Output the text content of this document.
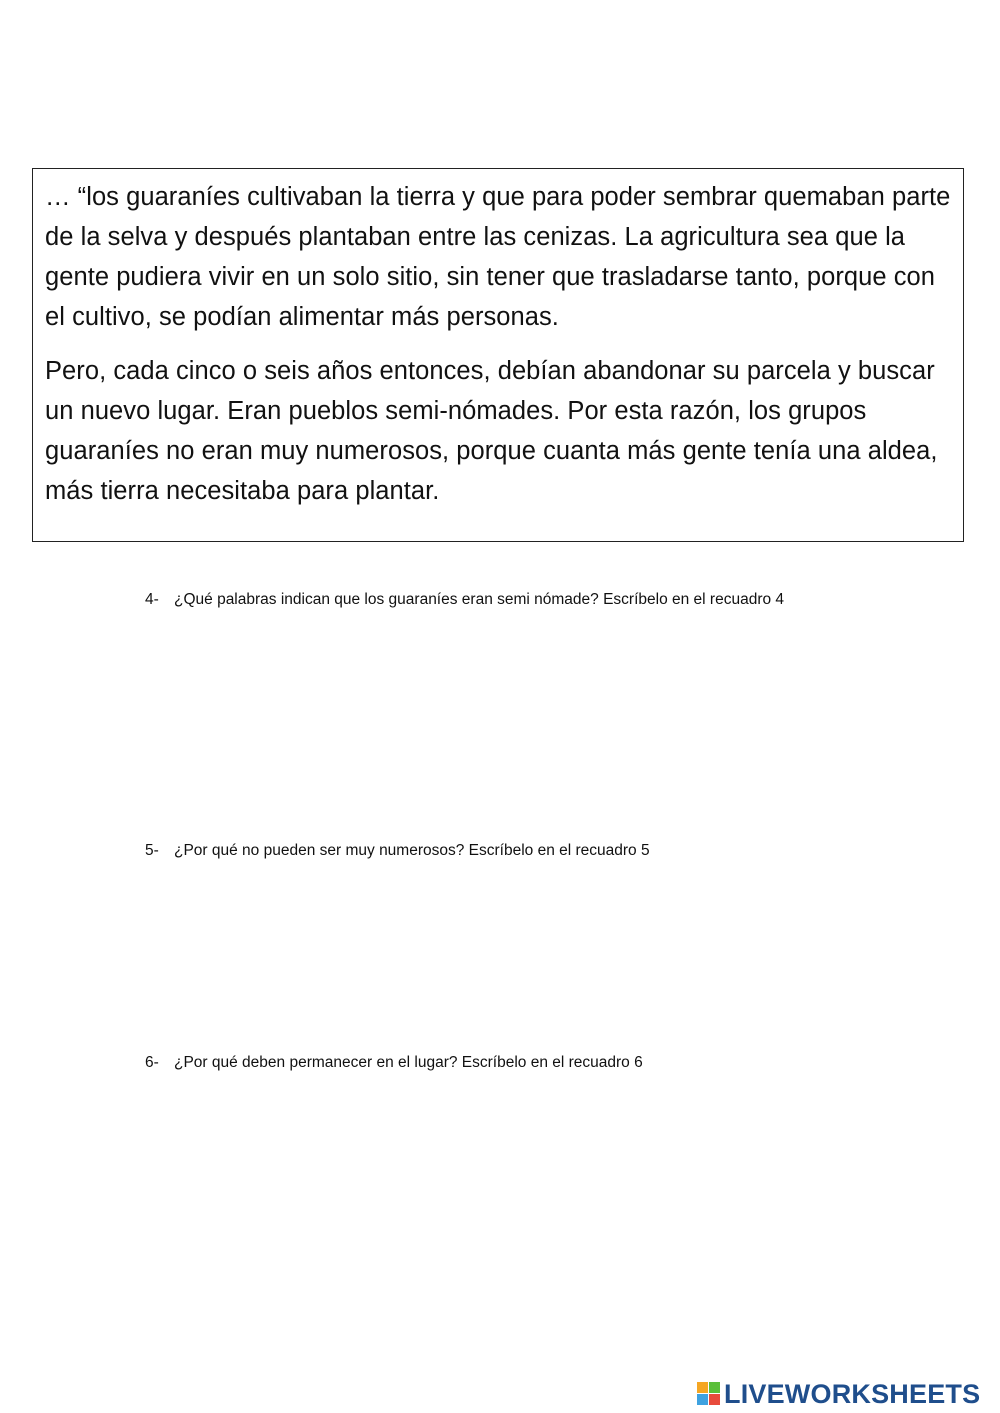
… “los guaraníes cultivaban la tierra y que para poder sembrar quemaban parte de la selva y después plantaban entre las cenizas. La agricultura sea que la gente pudiera vivir en un solo sitio, sin tener que trasladarse tanto, porque con el cultivo, se podían alimentar más personas.

Pero, cada cinco o seis años entonces, debían abandonar su parcela y buscar un nuevo lugar. Eran pueblos semi-nómades. Por esta razón, los grupos guaraníes no eran muy numerosos, porque cuanta más gente tenía una aldea, más tierra necesitaba para plantar.

4- ¿Qué palabras indican que los guaraníes eran semi nómade? Escríbelo en el recuadro 4
5- ¿Por qué no pueden ser muy numerosos? Escríbelo en el recuadro 5
6- ¿Por qué deben permanecer en el lugar? Escríbelo en el recuadro 6
LIVEWORKSHEETS
